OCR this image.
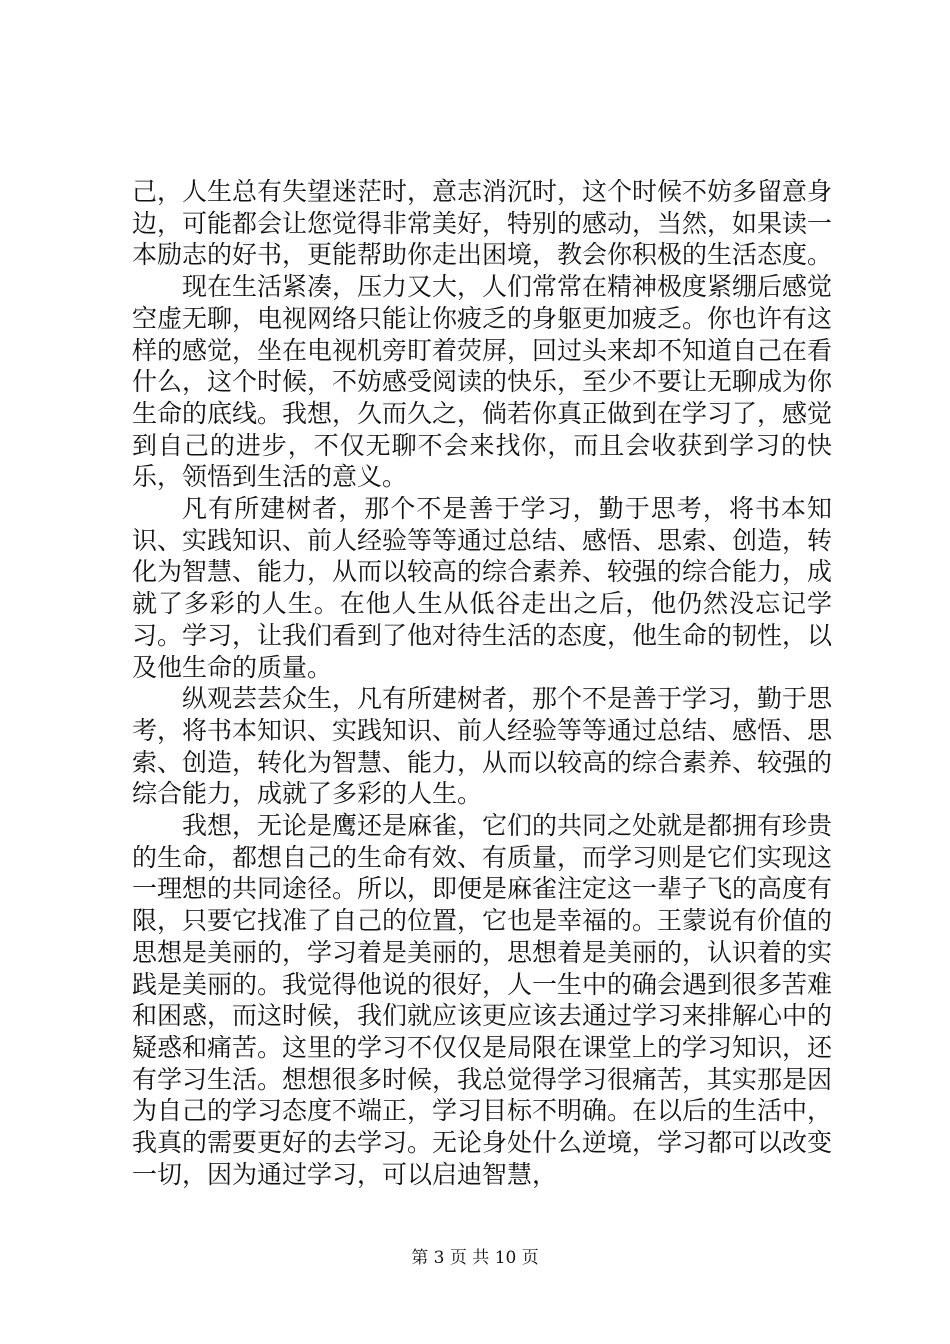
己，人生总有失望迷茫时，意志消沉时，这个时候不妨多留意身边，可能都会让您觉得非常美好，特别的感动，当然，如果读一本励志的好书，更能帮助你走出困境，教会你积极的生活态度。

现在生活紧凑，压力又大，人们常常在精神极度紧绷后感觉空虚无聊，电视网络只能让你疲乏的身躯更加疲乏。你也许有这样的感觉，坐在电视机旁盯着荧屏，回过头来却不知道自己在看什么，这个时候，不妨感受阅读的快乐，至少不要让无聊成为你生命的底线。我想，久而久之，倘若你真正做到在学习了，感觉到自己的进步，不仅无聊不会来找你，而且会收获到学习的快乐，领悟到生活的意义。

凡有所建树者，那个不是善于学习，勤于思考，将书本知识、实践知识、前人经验等等通过总结、感悟、思索、创造，转化为智慧、能力，从而以较高的综合素养、较强的综合能力，成就了多彩的人生。在他人生从低谷走出之后，他仍然没忘记学习。学习，让我们看到了他对待生活的态度，他生命的韧性，以及他生命的质量。

纵观芸芸众生，凡有所建树者，那个不是善于学习，勤于思考，将书本知识、实践知识、前人经验等等通过总结、感悟、思索、创造，转化为智慧、能力，从而以较高的综合素养、较强的综合能力，成就了多彩的人生。

我想，无论是鹰还是麻雀，它们的共同之处就是都拥有珍贵的生命，都想自己的生命有效、有质量，而学习则是它们实现这一理想的共同途径。所以，即便是麻雀注定这一辈子飞的高度有限，只要它找准了自己的位置，它也是幸福的。王蒙说有价值的思想是美丽的，学习着是美丽的，思想着是美丽的，认识着的实践是美丽的。我觉得他说的很好，人一生中的确会遇到很多苦难和困惑，而这时候，我们就应该更应该去通过学习来排解心中的疑惑和痛苦。这里的学习不仅仅是局限在课堂上的学习知识，还有学习生活。想想很多时候，我总觉得学习很痛苦，其实那是因为自己的学习态度不端正，学习目标不明确。在以后的生活中，我真的需要更好的去学习。无论身处什么逆境，学习都可以改变一切，因为通过学习，可以启迪智慧，

第 3 页 共 10 页
